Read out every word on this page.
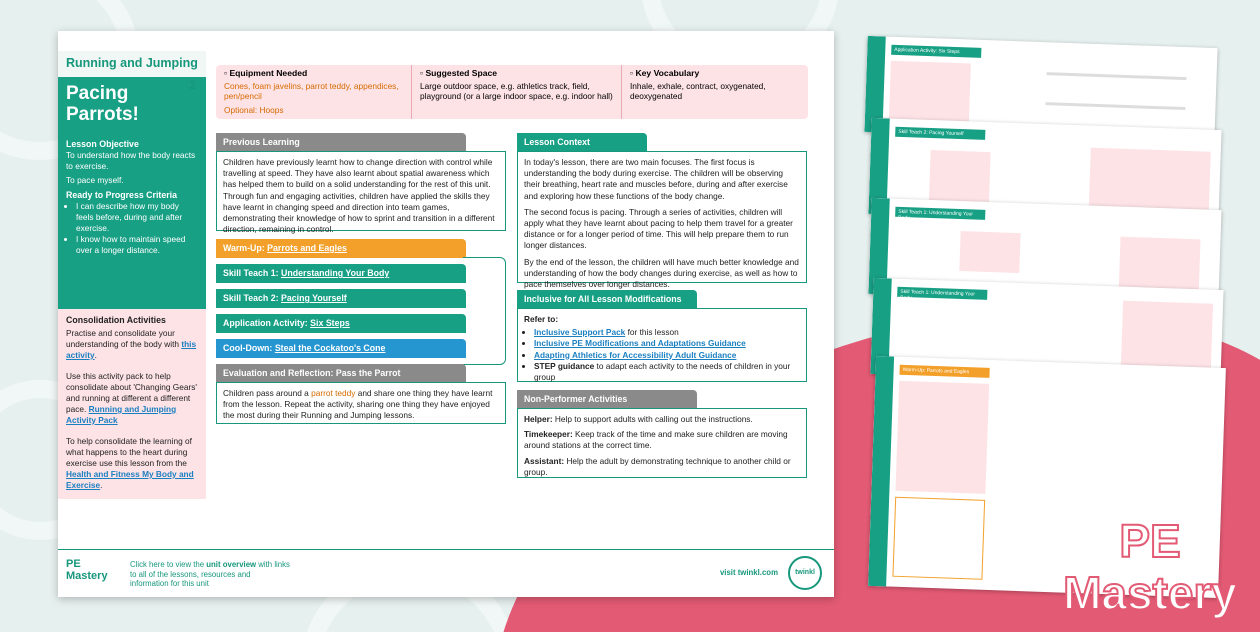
Running and Jumping
2
Pacing Parrots!
Lesson Objective

To understand how the body reacts to exercise.

To pace myself.

Ready to Progress Criteria
• I can describe how my body feels before, during and after exercise.
• I know how to maintain speed over a longer distance.
Consolidation Activities

Practise and consolidate your understanding of the body with this activity.

Use this activity pack to help consolidate about 'Changing Gears' and running at different a different pace. Running and Jumping Activity Pack

To help consolidate the learning of what happens to the heart during exercise use this lesson from the Health and Fitness My Body and Exercise.

▫ Equipment Needed
Cones, foam javelins, parrot teddy, appendices, pen/pencil
Optional: Hoops
▫ Suggested Space
Large outdoor space, e.g. athletics track, field, playground (or a large indoor space, e.g. indoor hall)
▫ Key Vocabulary
Inhale, exhale, contract, oxygenated, deoxygenated
Previous Learning
Children have previously learnt how to change direction with control while travelling at speed. They have also learnt about spatial awareness which has helped them to build on a solid understanding for the rest of this unit. Through fun and engaging activities, children have applied the skills they have learnt in changing speed and direction into team games, demonstrating their knowledge of how to sprint and transition in a different direction, remaining in control.
Warm-Up: Parrots and Eagles
Skill Teach 1: Understanding Your Body
Skill Teach 2: Pacing Yourself
Application Activity: Six Steps
Cool-Down: Steal the Cockatoo's Cone
Evaluation and Reflection: Pass the Parrot
Children pass around a parrot teddy and share one thing they have learnt from the lesson. Repeat the activity, sharing one thing they have enjoyed the most during their Running and Jumping lessons.
Lesson Context

In today's lesson, there are two main focuses. The first focus is understanding the body during exercise. The children will be observing their breathing, heart rate and muscles before, during and after exercise and exploring how these functions of the body change.

The second focus is pacing. Through a series of activities, children will apply what they have learnt about pacing to help them travel for a greater distance or for a longer period of time. This will help prepare them to run longer distances.

By the end of the lesson, the children will have much better knowledge and understanding of how the body changes during exercise, as well as how to pace themselves over longer distances.

Inclusive for All Lesson Modifications
Refer to:
• Inclusive Support Pack for this lesson
• Inclusive PE Modifications and Adaptations Guidance
• Adapting Athletics for Accessibility Adult Guidance
• STEP guidance to adapt each activity to the needs of children in your group
Non-Performer Activities

Helper: Help to support adults with calling out the instructions.

Timekeeper: Keep track of the time and make sure children are moving around stations at the correct time.

Assistant: Help the adult by demonstrating technique to another child or group.

PE
Mastery
Click here to view the unit overview with links to all of the lessons, resources and information for this unit
visit twinkl.com	twinkl
Application Activity: Six Steps
Skill Teach 2: Pacing Yourself
Skill Teach 1: Understanding Your Body
Skill Teach 1: Understanding Your Body
Warm-Up: Parrots and Eagles
PE
Mastery
